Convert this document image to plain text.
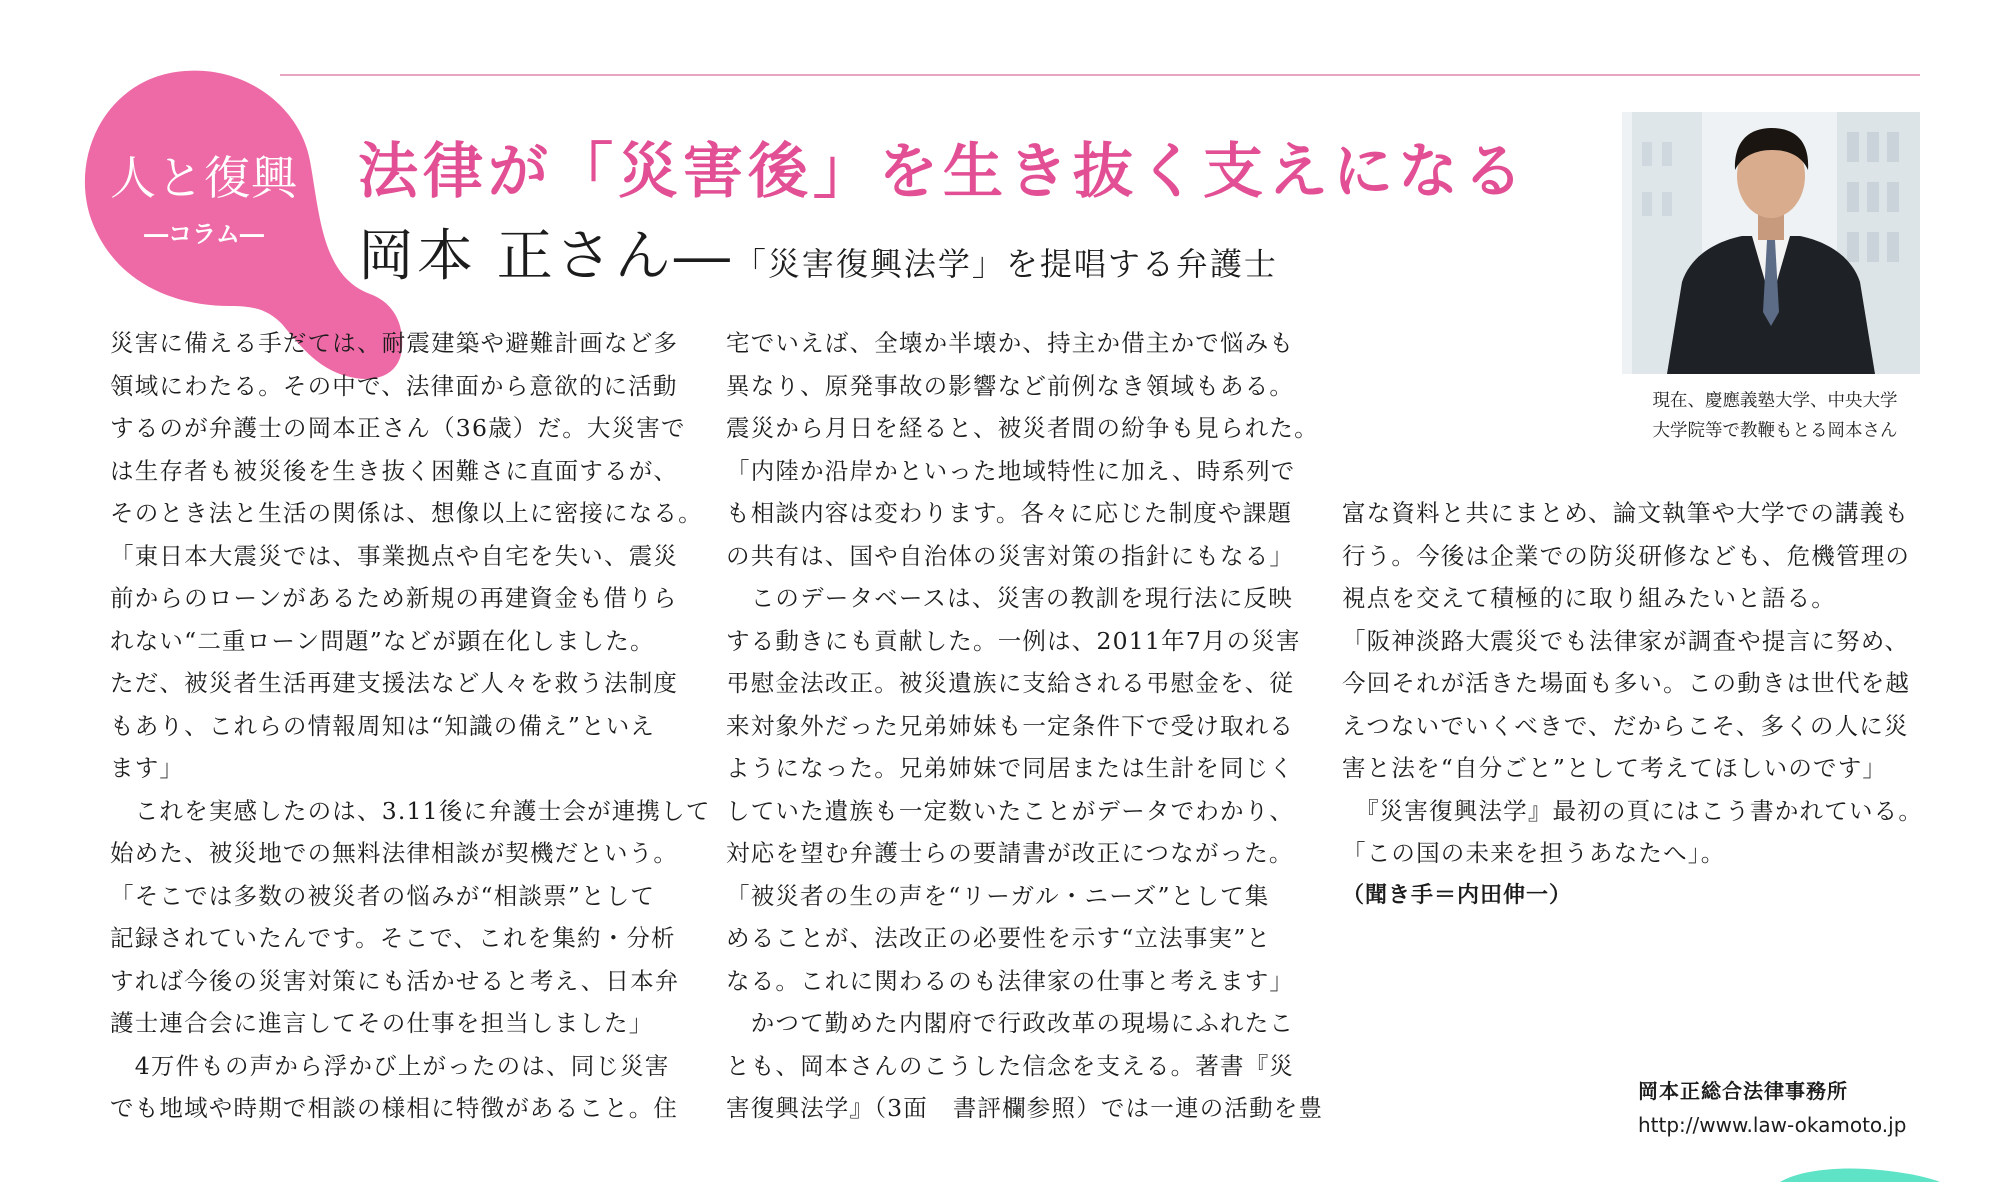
人と復興
―コラム―
法律が「災害後」を生き抜く支えになる
岡本 正さん― 「災害復興法学」を提唱する弁護士
災害に備える手だては、耐震建築や避難計画など多
領域にわたる。その中で、法律面から意欲的に活動
するのが弁護士の岡本正さん（36歳）だ。大災害で
は生存者も被災後を生き抜く困難さに直面するが、
そのとき法と生活の関係は、想像以上に密接になる。
「東日本大震災では、事業拠点や自宅を失い、震災
前からのローンがあるため新規の再建資金も借りら
れない“二重ローン問題”などが顕在化しました。
ただ、被災者生活再建支援法など人々を救う法制度
もあり、これらの情報周知は“知識の備え”といえ
ます」
　これを実感したのは、3.11後に弁護士会が連携して
始めた、被災地での無料法律相談が契機だという。
「そこでは多数の被災者の悩みが“相談票”として
記録されていたんです。そこで、これを集約・分析
すれば今後の災害対策にも活かせると考え、日本弁
護士連合会に進言してその仕事を担当しました」
　4万件もの声から浮かび上がったのは、同じ災害
でも地域や時期で相談の様相に特徴があること。住
宅でいえば、全壊か半壊か、持主か借主かで悩みも
異なり、原発事故の影響など前例なき領域もある。
震災から月日を経ると、被災者間の紛争も見られた。
「内陸か沿岸かといった地域特性に加え、時系列で
も相談内容は変わります。各々に応じた制度や課題
の共有は、国や自治体の災害対策の指針にもなる」
　このデータベースは、災害の教訓を現行法に反映
する動きにも貢献した。一例は、2011年7月の災害
弔慰金法改正。被災遺族に支給される弔慰金を、従
来対象外だった兄弟姉妹も一定条件下で受け取れる
ようになった。兄弟姉妹で同居または生計を同じく
していた遺族も一定数いたことがデータでわかり、
対応を望む弁護士らの要請書が改正につながった。
「被災者の生の声を“リーガル・ニーズ”として集
めることが、法改正の必要性を示す“立法事実”と
なる。これに関わるのも法律家の仕事と考えます」
　かつて勤めた内閣府で行政改革の現場にふれたこ
とも、岡本さんのこうした信念を支える。著書『災
害復興法学』（3面　書評欄参照）では一連の活動を豊
富な資料と共にまとめ、論文執筆や大学での講義も
行う。今後は企業での防災研修なども、危機管理の
視点を交えて積極的に取り組みたいと語る。
「阪神淡路大震災でも法律家が調査や提言に努め、
今回それが活きた場面も多い。この動きは世代を越
えつないでいくべきで、だからこそ、多くの人に災
害と法を“自分ごと”として考えてほしいのです」
　『災害復興法学』最初の頁にはこう書かれている。
「この国の未来を担うあなたへ」。
（聞き手＝内田伸一）
現在、慶應義塾大学、中央大学
大学院等で教鞭もとる岡本さん
岡本正総合法律事務所
http://www.law-okamoto.jp
